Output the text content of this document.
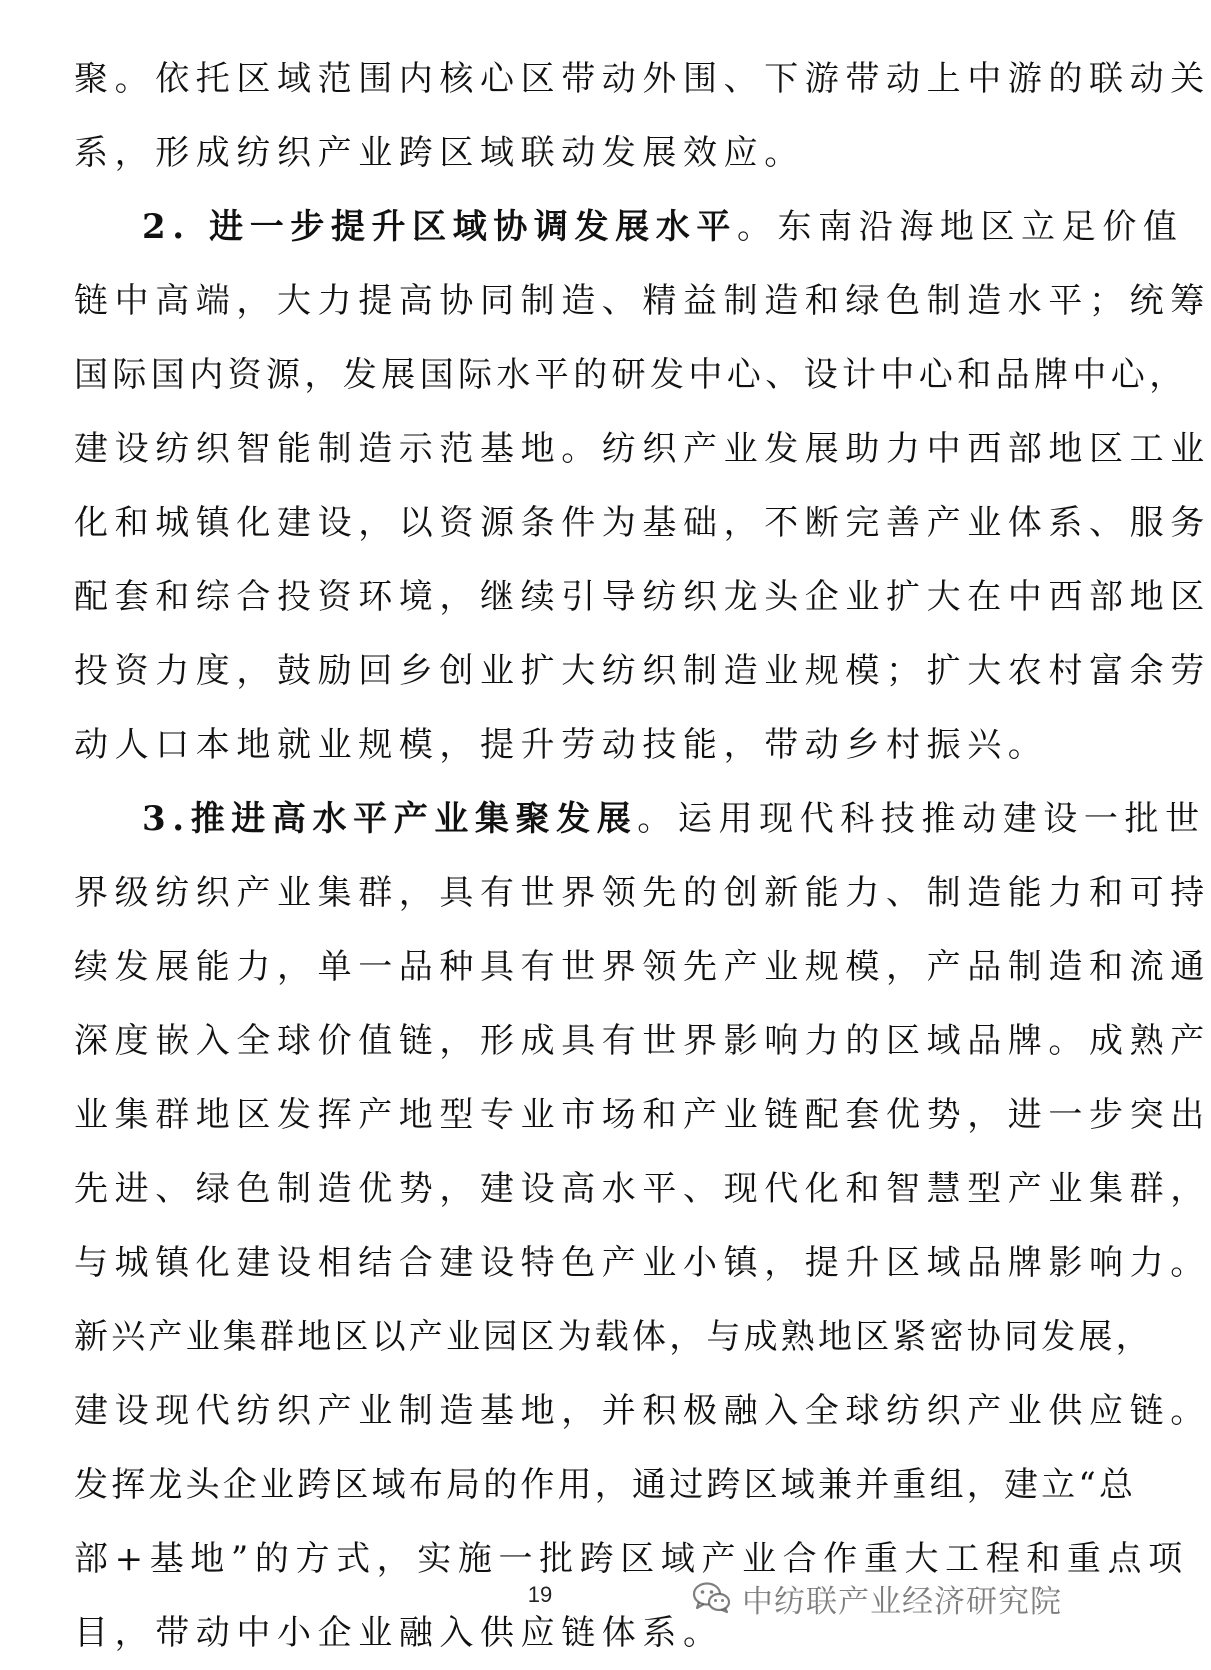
聚。依托区域范围内核心区带动外围、下游带动上中游的联动关
系，形成纺织产业跨区域联动发展效应。
2. 进一步提升区域协调发展水平。东南沿海地区立足价值
链中高端，大力提高协同制造、精益制造和绿色制造水平；统筹
国际国内资源，发展国际水平的研发中心、设计中心和品牌中心，
建设纺织智能制造示范基地。纺织产业发展助力中西部地区工业
化和城镇化建设，以资源条件为基础，不断完善产业体系、服务
配套和综合投资环境，继续引导纺织龙头企业扩大在中西部地区
投资力度，鼓励回乡创业扩大纺织制造业规模；扩大农村富余劳
动人口本地就业规模，提升劳动技能，带动乡村振兴。
3.推进高水平产业集聚发展。运用现代科技推动建设一批世
界级纺织产业集群，具有世界领先的创新能力、制造能力和可持
续发展能力，单一品种具有世界领先产业规模，产品制造和流通
深度嵌入全球价值链，形成具有世界影响力的区域品牌。成熟产
业集群地区发挥产地型专业市场和产业链配套优势，进一步突出
先进、绿色制造优势，建设高水平、现代化和智慧型产业集群，
与城镇化建设相结合建设特色产业小镇，提升区域品牌影响力。
新兴产业集群地区以产业园区为载体，与成熟地区紧密协同发展，
建设现代纺织产业制造基地，并积极融入全球纺织产业供应链。
发挥龙头企业跨区域布局的作用，通过跨区域兼并重组，建立“总
部+基地”的方式，实施一批跨区域产业合作重大工程和重点项
目，带动中小企业融入供应链体系。
19	中纺联产业经济研究院
